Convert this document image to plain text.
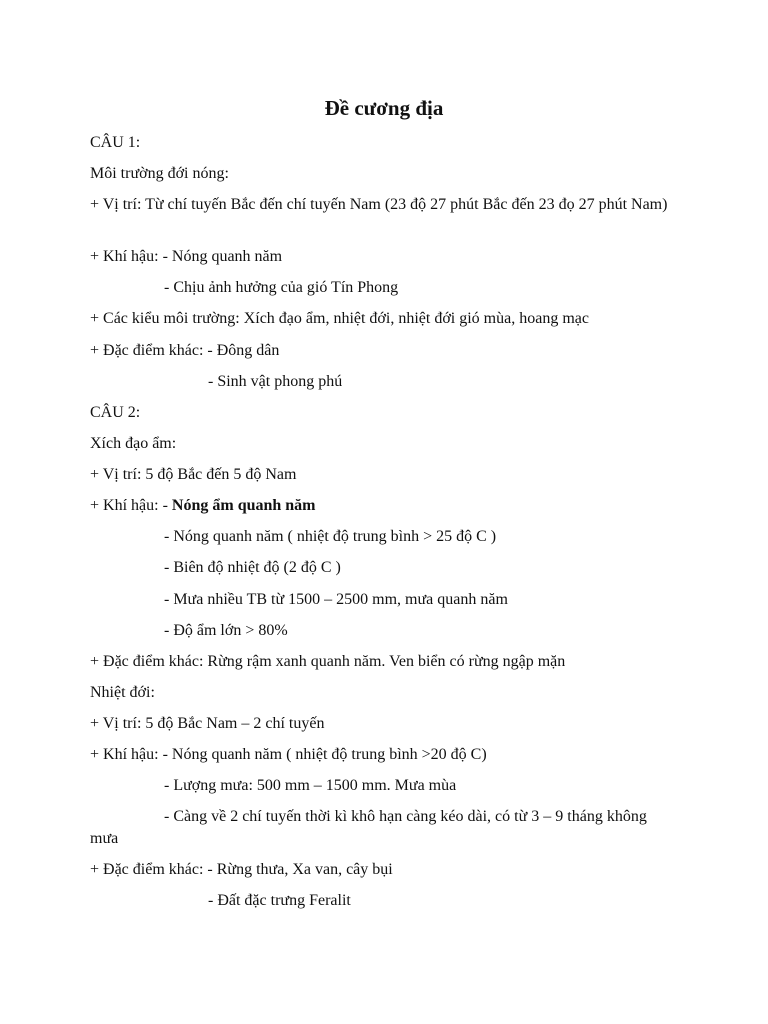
Đề cương địa
CÂU 1:
Môi trường đới nóng:
+ Vị trí: Từ chí tuyến Bắc đến chí tuyến Nam (23 độ 27 phút Bắc đến 23 đọ 27 phút Nam)
+ Khí hậu: - Nóng quanh năm
- Chịu ảnh hưởng của gió Tín Phong
+ Các kiểu môi trường: Xích đạo ẩm, nhiệt đới, nhiệt đới gió mùa, hoang mạc
+ Đặc điểm khác: - Đông dân
- Sinh vật phong phú
CÂU 2:
Xích đạo ẩm:
+ Vị trí: 5 độ Bắc đến 5 độ Nam
+ Khí hậu: - Nóng ẩm quanh năm
- Nóng quanh năm ( nhiệt độ trung bình > 25 độ C )
- Biên độ nhiệt độ (2 độ C )
- Mưa nhiều TB từ 1500 – 2500 mm, mưa quanh năm
- Độ ẩm lớn > 80%
+ Đặc điểm khác: Rừng rậm xanh quanh năm. Ven biển có rừng ngập mặn
Nhiệt đới:
+ Vị trí: 5 độ Bắc Nam – 2 chí tuyến
+ Khí hậu: - Nóng quanh năm ( nhiệt độ trung bình >20 độ C)
- Lượng mưa: 500 mm – 1500 mm. Mưa mùa
- Càng về 2 chí tuyến thời kì khô hạn càng kéo dài, có từ 3 – 9 tháng không
mưa
+ Đặc điểm khác: - Rừng thưa, Xa van, cây bụi
- Đất đặc trưng Feralit
